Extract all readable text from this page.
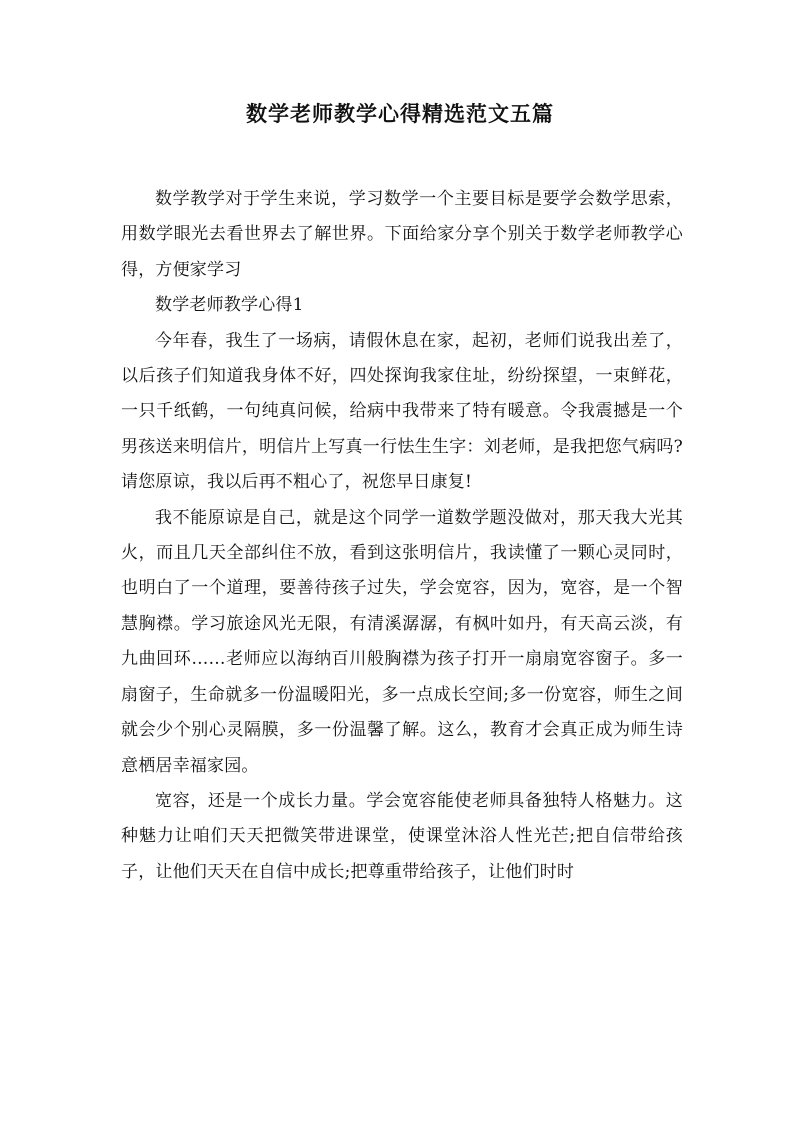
数学老师教学心得精选范文五篇

数学教学对于学生来说，学习数学一个主要目标是要学会数学思索，用数学眼光去看世界去了解世界。下面给家分享个别关于数学老师教学心得，方便家学习

数学老师教学心得1

今年春，我生了一场病，请假休息在家，起初，老师们说我出差了，以后孩子们知道我身体不好，四处探询我家住址，纷纷探望，一束鲜花，一只千纸鹤，一句纯真问候，给病中我带来了特有暖意。令我震撼是一个男孩送来明信片，明信片上写真一行怯生生字：刘老师，是我把您气病吗?请您原谅，我以后再不粗心了，祝您早日康复!

我不能原谅是自己，就是这个同学一道数学题没做对，那天我大光其火，而且几天全部纠住不放，看到这张明信片，我读懂了一颗心灵同时，也明白了一个道理，要善待孩子过失，学会宽容，因为，宽容，是一个智慧胸襟。学习旅途风光无限，有清溪潺潺，有枫叶如丹，有天高云淡，有九曲回环……老师应以海纳百川般胸襟为孩子打开一扇扇宽容窗子。多一扇窗子，生命就多一份温暖阳光，多一点成长空间;多一份宽容，师生之间就会少个别心灵隔膜，多一份温馨了解。这么，教育才会真正成为师生诗意栖居幸福家园。

宽容，还是一个成长力量。学会宽容能使老师具备独特人格魅力。这种魅力让咱们天天把微笑带进课堂，使课堂沐浴人性光芒;把自信带给孩子，让他们天天在自信中成长;把尊重带给孩子，让他们时时
